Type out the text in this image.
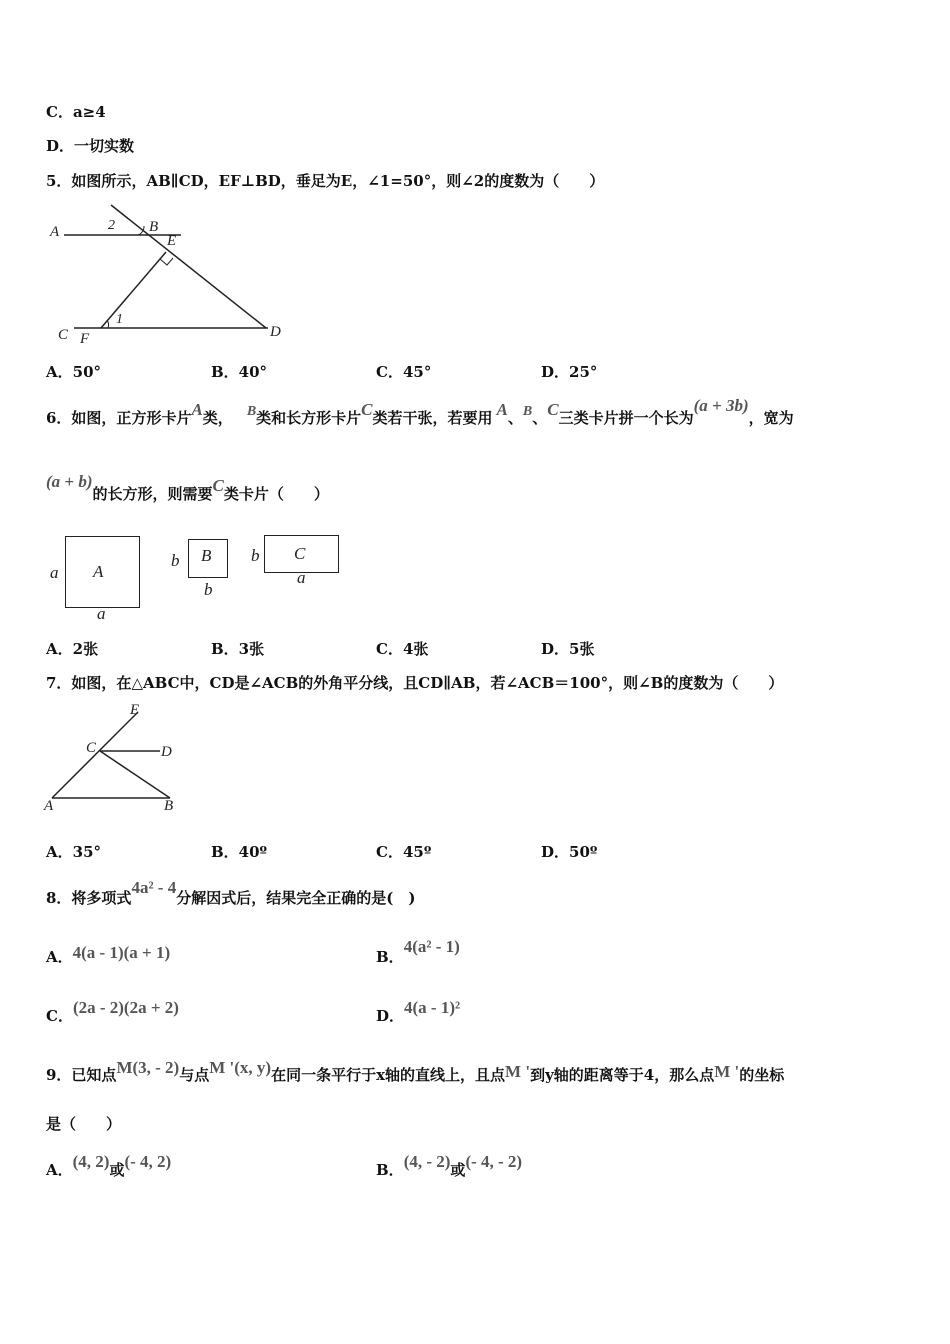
C．a≥4
D．一切实数
5．如图所示，AB∥CD，EF⊥BD，垂足为E，∠1=50°，则∠2的度数为（　　）
A	2 B
E
1
C F	D
A．50°	B．40°	C．45°	D．25°
6．如图，正方形卡片A类， B类和长方形卡片C类若干张，若要用 A、B、C三类卡片拼一个长为(a + 3b)，宽为
(a + b)的长方形，则需要C类卡片（　　）
A
a
a
B
b
b
C
b
a
A．2张	B．3张	C．4张	D．5张
7．如图，在△ABC中，CD是∠ACB的外角平分线，且CD∥AB，若∠ACB＝100°，则∠B的度数为（　　）
E
C	D
A	B
A．35°	B．40º	C．45º	D．50º
8．将多项式4a² - 4分解因式后，结果完全正确的是(　)
A．4(a - 1)(a + 1)	B．4(a² - 1)
C．(2a - 2)(2a + 2)	D．4(a - 1)²
9．已知点M(3, - 2)与点M '(x, y)在同一条平行于x轴的直线上，且点M '到y轴的距离等于4，那么点M '的坐标
是（　　）
A．(4, 2)或(- 4, 2)	B．(4, - 2)或(- 4, - 2)
